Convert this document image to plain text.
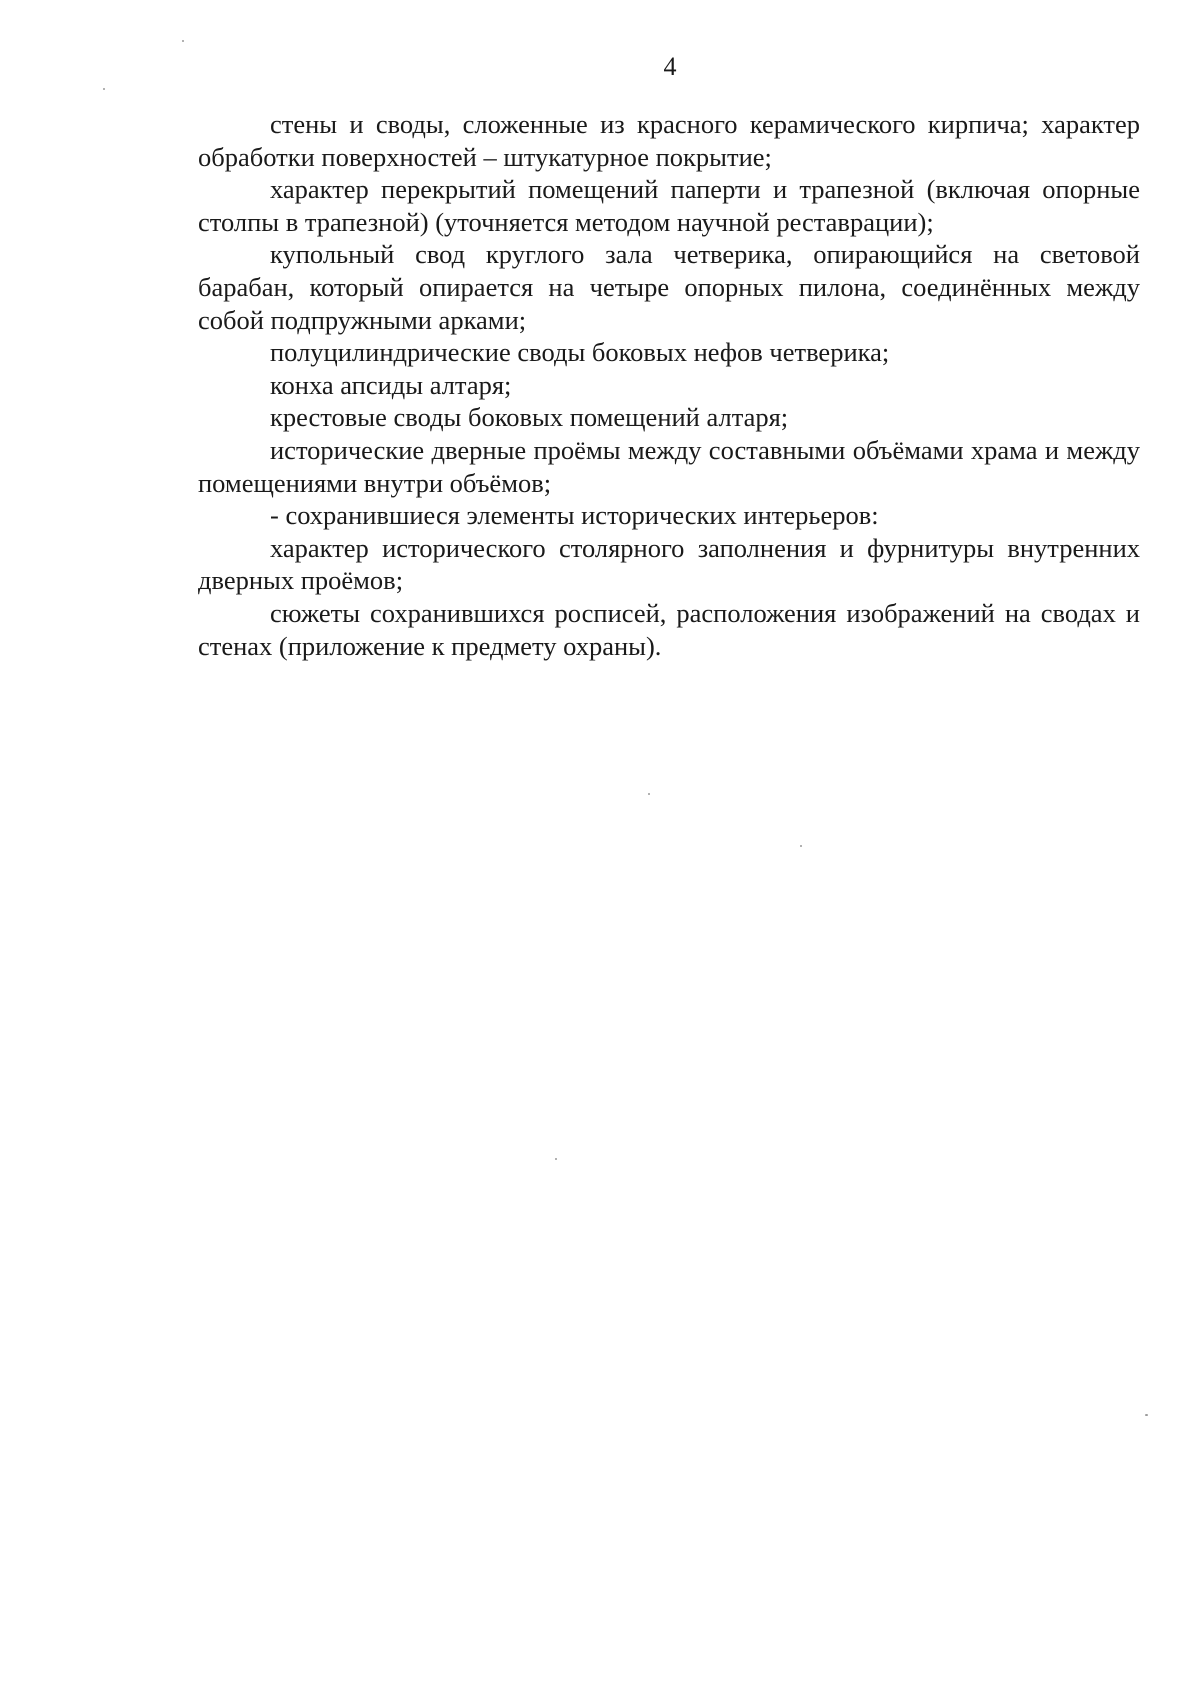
4

стены и своды, сложенные из красного керамического кирпича; характер обработки поверхностей – штукатурное покрытие;

характер перекрытий помещений паперти и трапезной (включая опорные столпы в трапезной) (уточняется методом научной реставрации);

купольный свод круглого зала четверика, опирающийся на световой барабан, который опирается на четыре опорных пилона, соединённых между собой подпружными арками;

полуцилиндрические своды боковых нефов четверика;

конха апсиды алтаря;

крестовые своды боковых помещений алтаря;

исторические дверные проёмы между составными объёмами храма и между помещениями внутри объёмов;

- сохранившиеся элементы исторических интерьеров:

характер исторического столярного заполнения и фурнитуры внутренних дверных проёмов;

сюжеты сохранившихся росписей, расположения изображений на сводах и стенах (приложение к предмету охраны).
